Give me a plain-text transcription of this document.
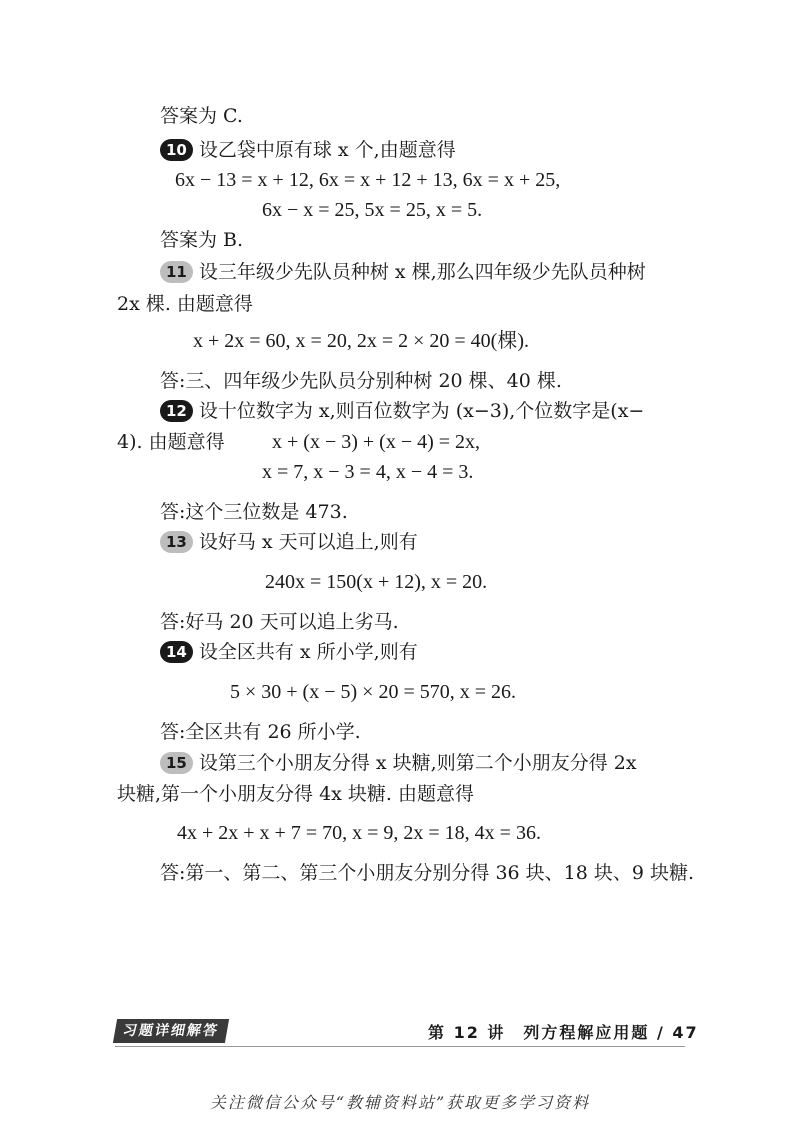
答案为 C.
10 设乙袋中原有球 x 个,由题意得
6x − 13 = x + 12, 6x = x + 12 + 13, 6x = x + 25,
6x − x = 25, 5x = 25, x = 5.
答案为 B.
11 设三年级少先队员种树 x 棵,那么四年级少先队员种树
2x 棵. 由题意得
x + 2x = 60, x = 20, 2x = 2 × 20 = 40(棵).
答:三、四年级少先队员分别种树 20 棵、40 棵.
12 设十位数字为 x,则百位数字为 (x−3),个位数字是(x−
4). 由题意得 x + (x − 3) + (x − 4) = 2x,
x = 7, x − 3 = 4, x − 4 = 3.
答:这个三位数是 473.
13 设好马 x 天可以追上,则有
240x = 150(x + 12), x = 20.
答:好马 20 天可以追上劣马.
14 设全区共有 x 所小学,则有
5 × 30 + (x − 5) × 20 = 570, x = 26.
答:全区共有 26 所小学.
15 设第三个小朋友分得 x 块糖,则第二个小朋友分得 2x
块糖,第一个小朋友分得 4x 块糖. 由题意得
4x + 2x + x + 7 = 70, x = 9, 2x = 18, 4x = 36.
答:第一、第二、第三个小朋友分别分得 36 块、18 块、9 块糖.
习题详细解答	第 12 讲　列方程解应用题 / 47
关注微信公众号“教辅资料站”获取更多学习资料
